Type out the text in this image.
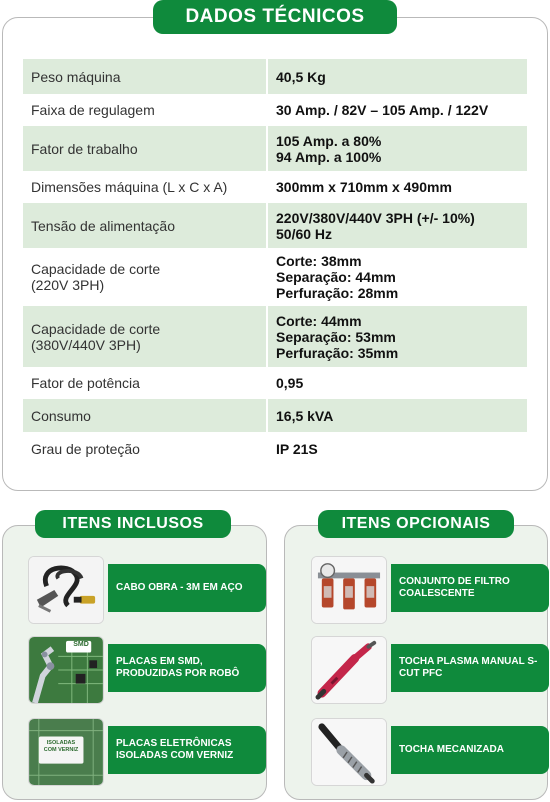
DADOS TÉCNICOS
Peso máquina	40,5 Kg
Faixa de regulagem	30 Amp. / 82V – 105 Amp. / 122V
Fator de trabalho	105 Amp. a 80%
94 Amp. a 100%
Dimensões máquina (L x C x A)	300mm x 710mm x 490mm
Tensão de alimentação	220V/380V/440V 3PH (+/- 10%)
50/60 Hz
Capacidade de corte
(220V 3PH)	Corte: 38mm
Separação: 44mm
Perfuração: 28mm
Capacidade de corte
(380V/440V 3PH)	Corte: 44mm
Separação: 53mm
Perfuração: 35mm
Fator de potência	0,95
Consumo	16,5 kVA
Grau de proteção	IP 21S
CABO OBRA - 3M EM AÇO
SMD
PLACAS EM SMD, PRODUZIDAS POR ROBÔ
ISOLADAS COM VERNIZ
PLACAS ELETRÔNICAS ISOLADAS COM VERNIZ
ITENS INCLUSOS
CONJUNTO DE FILTRO COALESCENTE
TOCHA PLASMA MANUAL S-CUT PFC
TOCHA MECANIZADA
ITENS OPCIONAIS
